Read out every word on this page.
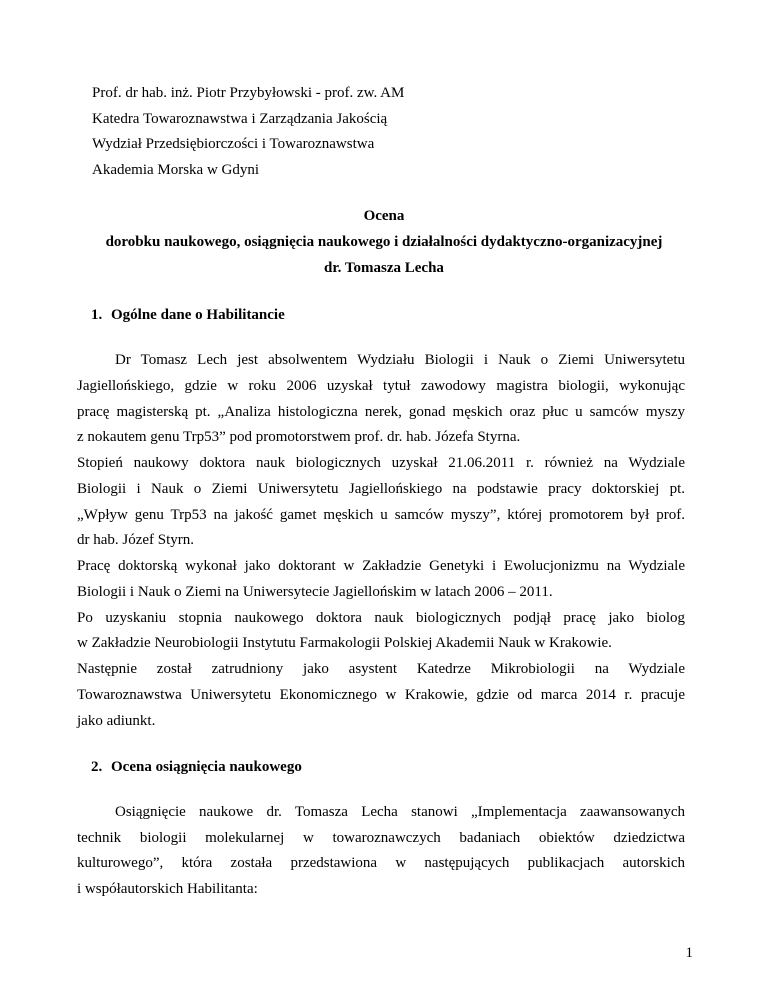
Prof. dr hab. inż. Piotr Przybyłowski - prof. zw. AM
Katedra Towaroznawstwa i Zarządzania Jakością
Wydział Przedsiębiorczości i Towaroznawstwa
Akademia Morska w Gdyni
Ocena
dorobku naukowego, osiągnięcia naukowego i działalności dydaktyczno-organizacyjnej
dr. Tomasza Lecha
1. Ogólne dane o Habilitancie
Dr Tomasz Lech jest absolwentem Wydziału Biologii i Nauk o Ziemi Uniwersytetu
Jagiellońskiego, gdzie w roku 2006 uzyskał tytuł zawodowy magistra biologii, wykonując
pracę magisterską pt. „Analiza histologiczna nerek, gonad męskich oraz płuc u samców myszy
z nokautem genu Trp53” pod promotorstwem prof. dr. hab. Józefa Styrna.
Stopień naukowy doktora nauk biologicznych uzyskał 21.06.2011 r. również na Wydziale
Biologii i Nauk o Ziemi Uniwersytetu Jagiellońskiego na podstawie pracy doktorskiej pt.
„Wpływ genu Trp53 na jakość gamet męskich u samców myszy”, której promotorem był prof.
dr hab. Józef Styrn.
Pracę doktorską wykonał jako doktorant w Zakładzie Genetyki i Ewolucjonizmu na Wydziale
Biologii i Nauk o Ziemi na Uniwersytecie Jagiellońskim w latach 2006 – 2011.
Po uzyskaniu stopnia naukowego doktora nauk biologicznych podjął pracę jako biolog
w Zakładzie Neurobiologii Instytutu Farmakologii Polskiej Akademii Nauk w Krakowie.
Następnie został zatrudniony jako asystent Katedrze Mikrobiologii na Wydziale
Towaroznawstwa Uniwersytetu Ekonomicznego w Krakowie, gdzie od marca 2014 r. pracuje
jako adiunkt.
2. Ocena osiągnięcia naukowego
Osiągnięcie naukowe dr. Tomasza Lecha stanowi „Implementacja zaawansowanych
technik biologii molekularnej w towaroznawczych badaniach obiektów dziedzictwa
kulturowego”, która została przedstawiona w następujących publikacjach autorskich
i współautorskich Habilitanta:
1
